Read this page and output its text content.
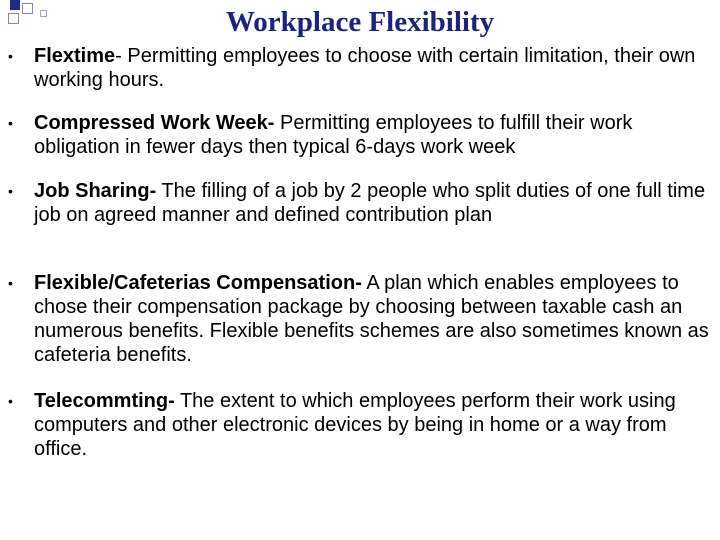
Workplace Flexibility
• Flextime- Permitting employees to choose with certain limitation, their own working hours.

• Compressed Work Week- Permitting employees to fulfill their work obligation in fewer days then typical 6-days work week

• Job Sharing- The filling of a job by 2 people who split duties of one full time job on agreed manner and defined contribution plan

• Flexible/Cafeterias Compensation- A plan which enables employees to chose their compensation package by choosing between taxable cash an numerous benefits. Flexible benefits schemes are also sometimes known as cafeteria benefits.

• Telecommting- The extent to which employees perform their work using computers and other electronic devices by being in home or a way from office.
